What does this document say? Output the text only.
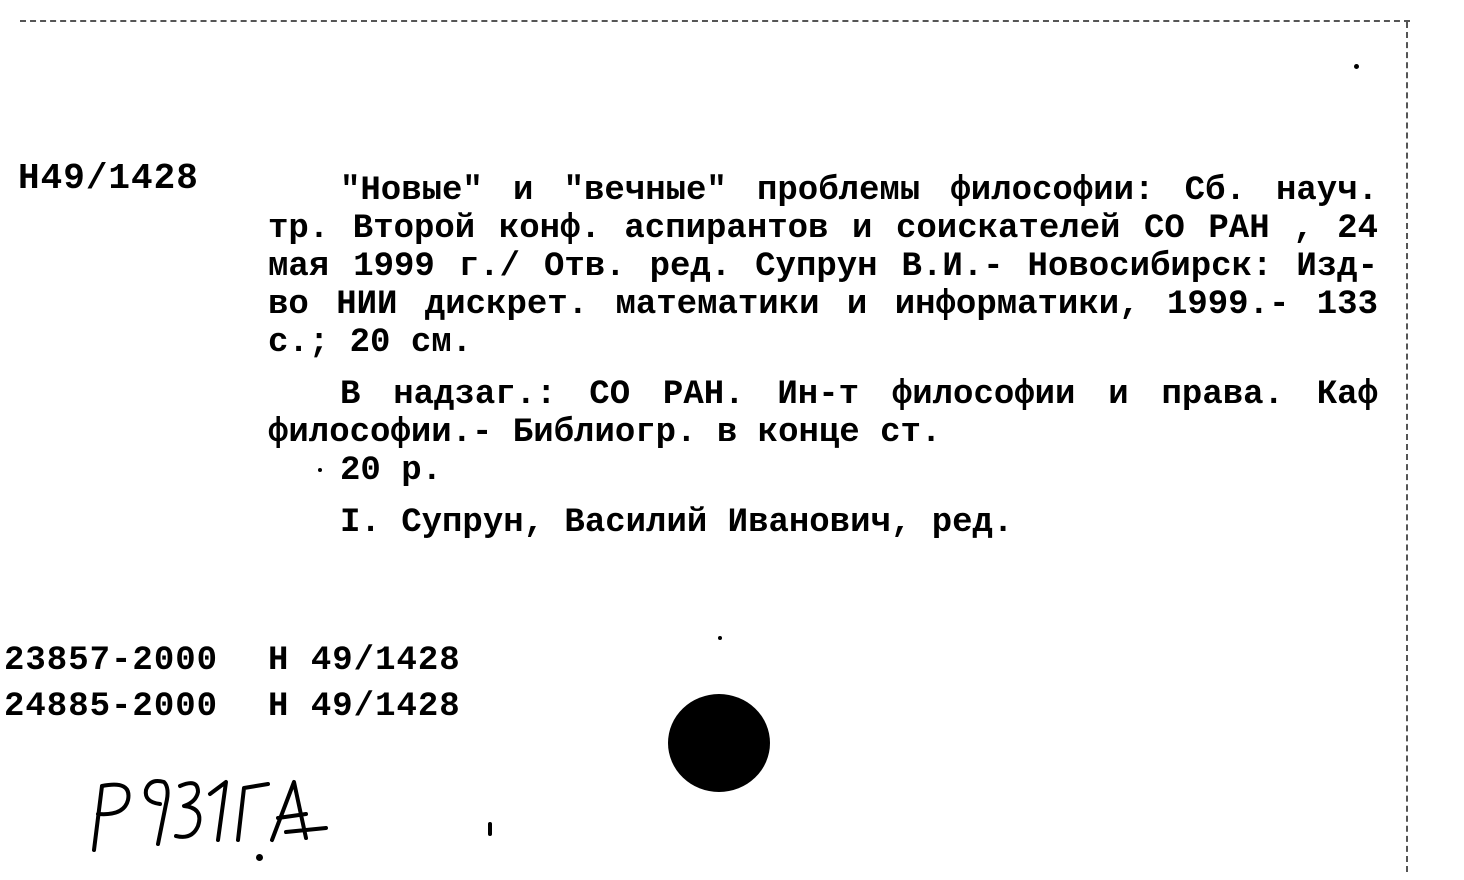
Н49/1428	"Новые" и "вечные" проблемы философии: Сб. науч. тр. Второй конф. аспирантов и соискателей СО РАН , 24 мая 1999 г./ Отв. ред. Супрун В.И.- Новосибирск: Изд-во НИИ дискрет. математики и информатики, 1999.- 133 с.; 20 см.

В надзаг.: СО РАН. Ин-т философии и права. Каф философии.- Библиогр. в конце ст.

20 р.

I. Супрун, Василий Иванович, ред.

23857-2000 Н 49/1428
24885-2000 Н 49/1428
